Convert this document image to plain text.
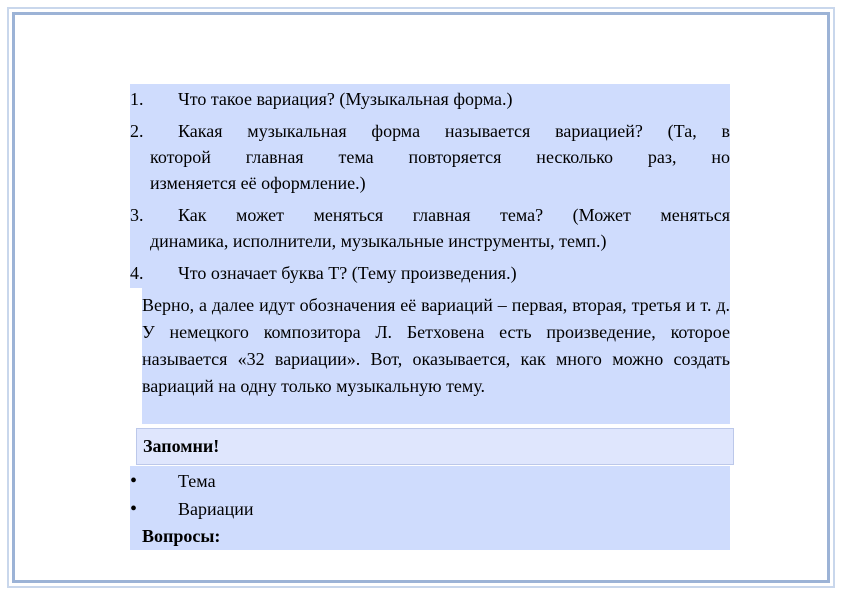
1. Что такое вариация? (Музыкальная форма.)
2.	Какая музыкальная форма называется вариацией? (Та, в
которой главная тема повторяется несколько раз, но
изменяется её оформление.)
3.	Как может меняться главная тема? (Может меняться
динамика, исполнители, музыкальные инструменты, темп.)
4. Что означает буква Т? (Тему произведения.)
Верно, а далее идут обозначения её вариаций – первая, вторая, третья и т. д. У немецкого композитора Л. Бетховена есть произведение, которое называется «32 вариации». Вот, оказывается, как много можно создать вариаций на одну только музыкальную тему.
Запомни!
• Тема
• Вариации
Вопросы:
